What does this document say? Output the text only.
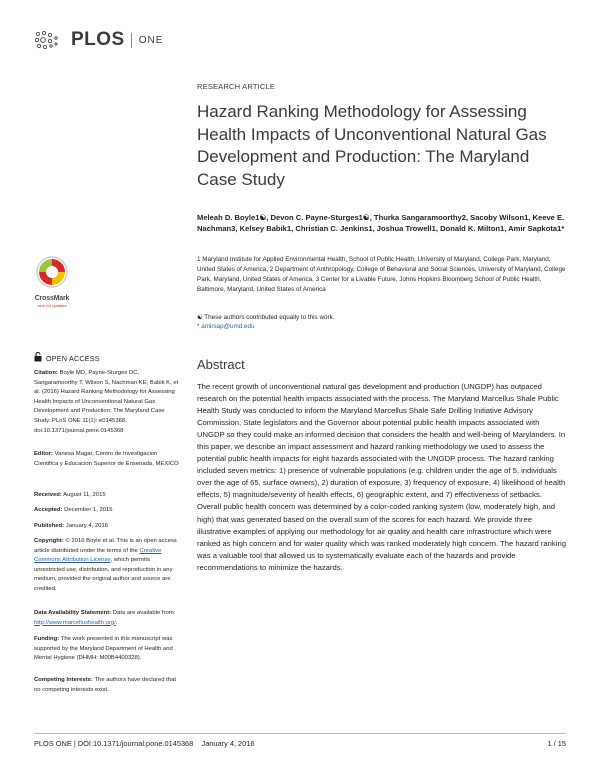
PLOS ONE
RESEARCH ARTICLE
Hazard Ranking Methodology for Assessing Health Impacts of Unconventional Natural Gas Development and Production: The Maryland Case Study
Meleah D. Boyle1☯, Devon C. Payne-Sturges1☯, Thurka Sangaramoorthy2, Sacoby Wilson1, Keeve E. Nachman3, Kelsey Babik1, Christian C. Jenkins1, Joshua Trowell1, Donald K. Milton1, Amir Sapkota1*
1 Maryland Institute for Applied Environmental Health, School of Public Health, University of Maryland, College Park, Maryland, United States of America, 2 Department of Anthropology, College of Behavioral and Social Sciences, University of Maryland, College Park, Maryland, United States of America, 3 Center for a Livable Future, Johns Hopkins Bloomberg School of Public Health, Baltimore, Maryland, United States of America
☯ These authors contributed equally to this work.
* amirsap@umd.edu
Abstract
The recent growth of unconventional natural gas development and production (UNGDP) has outpaced research on the potential health impacts associated with the process. The Maryland Marcellus Shale Public Health Study was conducted to inform the Maryland Marcellus Shale Safe Drilling Initiative Advisory Commission, State legislators and the Governor about potential public health impacts associated with UNGDP so they could make an informed decision that considers the health and well-being of Marylanders. In this paper, we describe an impact assessment and hazard ranking methodology we used to assess the potential public health impacts for eight hazards associated with the UNGDP process. The hazard ranking included seven metrics: 1) presence of vulnerable populations (e.g. children under the age of 5, individuals over the age of 65, surface owners), 2) duration of exposure, 3) frequency of exposure, 4) likelihood of health effects, 5) magnitude/severity of health effects, 6) geographic extent, and 7) effectiveness of setbacks. Overall public health concern was determined by a color-coded ranking system (low, moderately high, and high) that was generated based on the overall sum of the scores for each hazard. We provide three illustrative examples of applying our methodology for air quality and health care infrastructure which were ranked as high concern and for water quality which was ranked moderately high concern. The hazard ranking was a valuable tool that allowed us to systematically evaluate each of the hazards and provide recommendations to minimize the hazards.
CrossMark
click for updates
OPEN ACCESS
Citation: Boyle MD, Payne-Sturges DC, Sangaramoorthy T, Wilson S, Nachman KE, Babik K, et al. (2016) Hazard Ranking Methodology for Assessing Health Impacts of Unconventional Natural Gas Development and Production: The Maryland Case Study. PLoS ONE 11(1): e0145368. doi:10.1371/journal.pone.0145368
Editor: Vanesa Magar, Centro de Investigacion Cientifica y Educacion Superior de Ensenada, MEXICO
Received: August 11, 2015
Accepted: December 1, 2015
Published: January 4, 2016
Copyright: © 2016 Boyle et al. This is an open access article distributed under the terms of the Creative Commons Attribution License, which permits unrestricted use, distribution, and reproduction in any medium, provided the original author and source are credited.
Data Availability Statement: Data are available from: http://www.marcellushealth.org/.
Funding: The work presented in this manuscript was supported by the Maryland Department of Health and Mental Hygiene (DHMH: M00B4400328).
Competing Interests: The authors have declared that no competing interests exist.
PLOS ONE | DOI:10.1371/journal.pone.0145368    January 4, 2016	1 / 15
